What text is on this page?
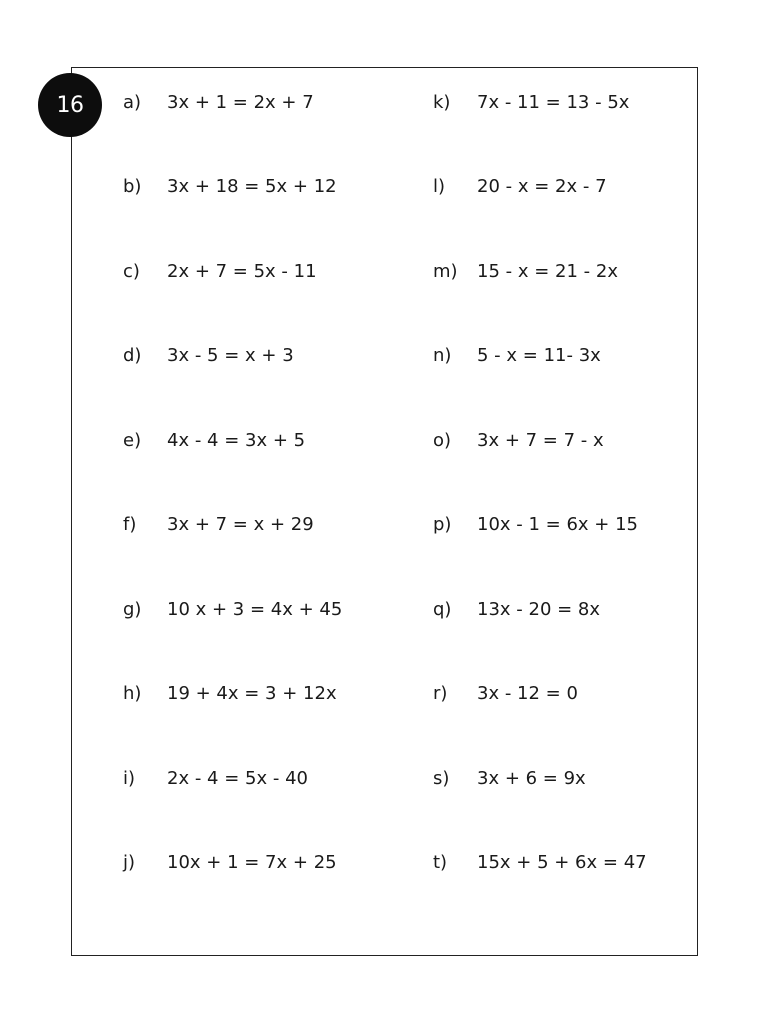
16 a)	3x + 1 = 2x + 7
b)	3x + 18 = 5x + 12
c)	2x + 7 = 5x - 11
d)	3x - 5 = x + 3
e)	4x - 4 = 3x + 5
f)	3x + 7 = x + 29
g)	10 x + 3 = 4x + 45
h)	19 + 4x = 3 + 12x
i)	2x - 4 = 5x - 40
j)	10x + 1 = 7x + 25
k)	7x - 11 = 13 - 5x
l)	20 - x = 2x - 7
m)	15 - x = 21 - 2x
n)	5 - x = 11- 3x
o)	3x + 7 = 7 - x
p)	10x - 1 = 6x + 15
q)	13x - 20 = 8x
r)	3x - 12 = 0
s)	3x + 6 = 9x
t)	15x + 5 + 6x = 47
